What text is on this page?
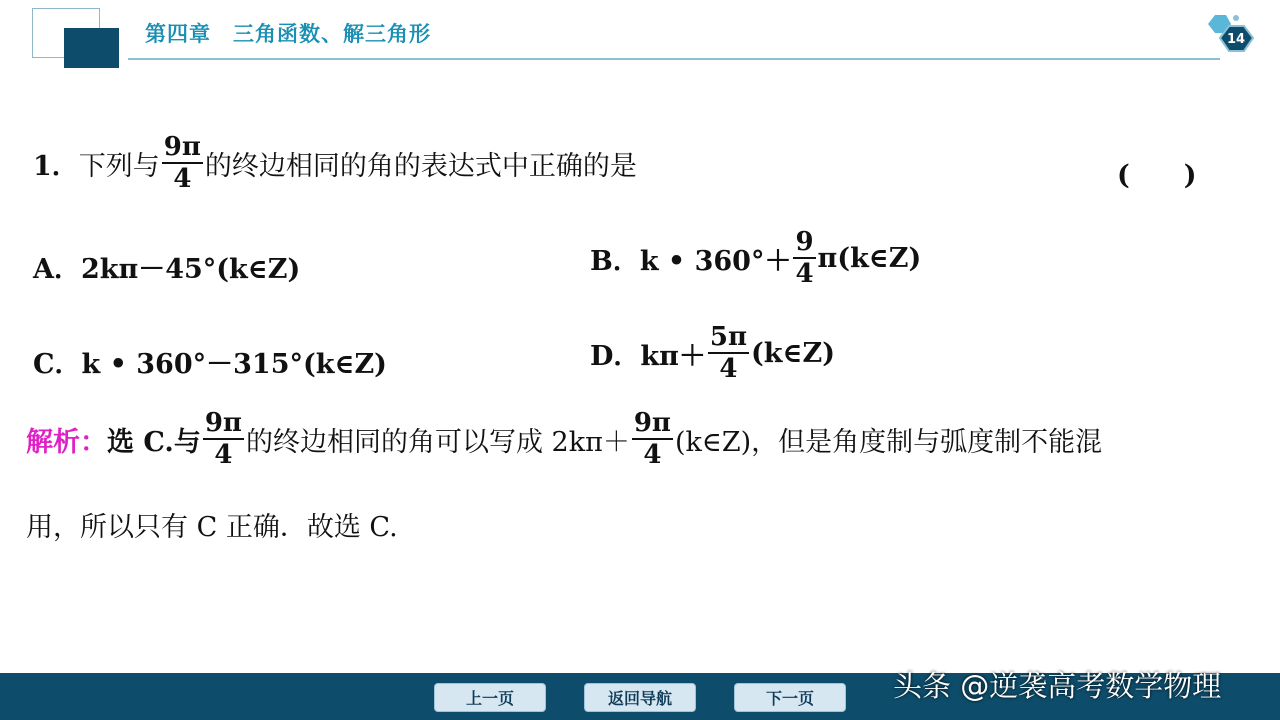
第四章　 三角函数、解三角形	14
1． 下列与 $\frac{9\pi}{4}$ 的终边相同的角的表达式中正确的是	(　　)
A． 2kπ－45°(k∈Z)	B． k • $360^\circ+ \frac{9}{4}$ π(k∈Z)
C． k • 360°－315°(k∈Z)	D． $k\pi+ \frac{5\pi}{4}$ (k∈Z)
解析： 选 C.与 $\frac{9\pi}{4}$ 的终边相同的角可以写成 $2k\pi+ \frac{9\pi}{4}$ (k∈Z)，但是角度制与弧度制不能混
用，所以只有 C 正确．故选 C.
上一页	返回导航	下一页	头条 @逆袭高考数学物理
